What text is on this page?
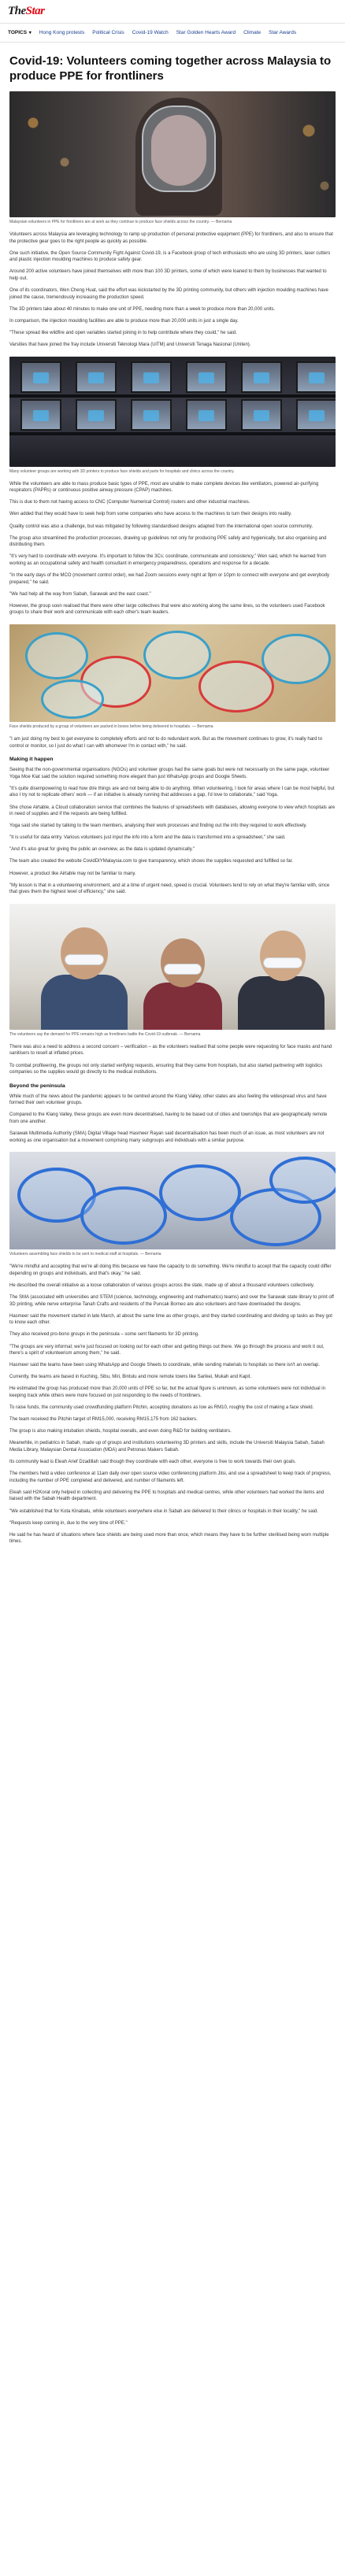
TheStar
TOPICS ▾ Hong Kong protests Political Crisis Covid-19 Watch Star Golden Hearts Award Climate Star Awards
Covid-19: Volunteers coming together across Malaysia to produce PPE for frontliners

Malaysian volunteers in PPE for frontliners are at work as they continue to produce face shields across the country. — Bernama

Volunteers across Malaysia are leveraging technology to ramp up production of personal protective equipment (PPE) for frontliners, and also to ensure that the protective gear goes to the right people as quickly as possible.

One such initiative, the Open Source Community Fight Against Covid-19, is a Facebook group of tech enthusiasts who are using 3D printers, laser cutters and plastic injection moulding machines to produce safety gear.

Around 200 active volunteers have joined themselves with more than 100 3D printers, some of which were loaned to them by businesses that wanted to help out.

One of its coordinators, Wen Cheng Huat, said the effort was kickstarted by the 3D printing community, but others with injection moulding machines have joined the cause, tremendously increasing the production speed.

The 3D printers take about 40 minutes to make one unit of PPE, needing more than a week to produce more than 20,000 units.

In comparison, the injection moulding facilities are able to produce more than 20,000 units in just a single day.

"These spread like wildfire and open variables started joining in to help contribute where they could," he said.

Varsities that have joined the fray include Universiti Teknologi Mara (UiTM) and Universiti Tenaga Nasional (Uniten).

Many volunteer groups are working with 3D printers to produce face shields and parts for hospitals and clinics across the country.

While the volunteers are able to mass produce basic types of PPE, most are unable to make complete devices like ventilators, powered air-purifying respirators (PAPRs) or continuous positive airway pressure (CPAP) machines.

This is due to them not having access to CNC (Computer Numerical Control) routers and other industrial machines.

Wen added that they would have to seek help from some companies who have access to the machines to turn their designs into reality.

Quality control was also a challenge, but was mitigated by following standardised designs adapted from the international open source community.

The group also streamlined the production processes, drawing up guidelines not only for producing PPE safely and hygienically, but also organising and distributing them.

"It's very hard to coordinate with everyone. It's important to follow the 3Cs: coordinate, communicate and consistency," Wen said, which he learned from working as an occupational safety and health consultant in emergency preparedness, operations and response for a decade.

"In the early days of the MCO (movement control order), we had Zoom sessions every night at 9pm or 10pm to connect with everyone and get everybody prepared," he said.

"We had help all the way from Sabah, Sarawak and the east coast."

However, the group soon realised that there were other large collectives that were also working along the same lines, so the volunteers used Facebook groups to share their work and communicate with each other's team leaders.

Face shields produced by a group of volunteers are packed in boxes before being delivered to hospitals. — Bernama

"I am just doing my best to get everyone to completely efforts and not to do redundant work. But as the movement continues to grow, it's really hard to control or monitor, so I just do what I can with whomever I'm in contact with," he said.

Making it happen

Seeing that the non-governmental organisations (NGOs) and volunteer groups had the same goals but were not necessarily on the same page, volunteer Yoga Moe Kiat said the solution required something more elegant than just WhatsApp groups and Google Sheets.

"It's quite disempowering to read how dire things are and not being able to do anything. When volunteering, I look for areas where I can be most helpful, but also I try not to replicate others' work — if an initiative is already running that addresses a gap, I'd love to collaborate," said Yoga.

She chose Airtable, a Cloud collaboration service that combines the features of spreadsheets with databases, allowing everyone to view which hospitals are in need of supplies and if the requests are being fulfilled.

Yoga said she started by talking to the team members, analysing their work processes and finding out the info they required to work effectively.

"It is useful for data entry. Various volunteers just input the info into a form and the data is transformed into a spreadsheet," she said.

"And it's also great for giving the public an overview, as the data is updated dynamically."

The team also created the website CovidDIYMalaysia.com to give transparency, which shows the supplies requested and fulfilled so far.

However, a product like Airtable may not be familiar to many.

"My lesson is that in a volunteering environment, and at a time of urgent need, speed is crucial. Volunteers tend to rely on what they're familiar with, since that gives them the highest level of efficiency," she said.

The volunteers say the demand for PPE remains high as frontliners battle the Covid-19 outbreak. — Bernama

There was also a need to address a second concern – verification – as the volunteers realised that some people were requesting for face masks and hand sanitisers to resell at inflated prices.

To combat profiteering, the groups not only started verifying requests, ensuring that they came from hospitals, but also started partnering with logistics companies so the supplies would go directly to the medical institutions.

Beyond the peninsula

While much of the news about the pandemic appears to be centred around the Klang Valley, other states are also feeling the widespread virus and have formed their own volunteer groups.

Compared to the Klang Valley, these groups are even more decentralised, having to be based out of cities and townships that are geographically remote from one another.

Sarawak Multimedia Authority (SMA) Digital Village head Hasmeer Rayan said decentralisation has been much of an issue, as most volunteers are not working as one organisation but a movement comprising many subgroups and individuals with a similar purpose.

Volunteers assembling face shields to be sent to medical staff at hospitals. — Bernama

"We're mindful and accepting that we're all doing this because we have the capacity to do something. We're mindful to accept that the capacity could differ depending on groups and individuals, and that's okay," he said.

He described the overall initiative as a loose collaboration of various groups across the state, made up of about a thousand volunteers collectively.

The SMA (associated with universities and STEM (science, technology, engineering and mathematics) teams) and over the Sarawak state library to print off 3D printing, while nerve enterprise Tanah Crafts and residents of the Puncak Borneo are also volunteers and have downloaded the designs.

Hasmeer said the movement started in late March, at about the same time as other groups, and they started coordinating and dividing up tasks as they got to know each other.

They also received pro-bono groups in the peninsula – some sent filaments for 3D printing.

"The groups are very informal; we're just focused on looking out for each other and getting things out there. We go through the process and work it out, there's a spirit of volunteerism among them," he said.

Hasmeer said the teams have been using WhatsApp and Google Sheets to coordinate, while sending materials to hospitals so there isn't an overlap.

Currently, the teams are based in Kuching, Sibu, Miri, Bintulu and more remote towns like Sarikei, Mukah and Kapit.

He estimated the group has produced more than 20,000 units of PPE so far, but the actual figure is unknown, as some volunteers were not individual in keeping track while others were more focused on just responding to the needs of frontliners.

To raise funds, the community used crowdfunding platform Pitchin, accepting donations as low as RM10, roughly the cost of making a face shield.

The team received the Pitchin target of RM15,000, receiving RM15,175 from 162 backers.

The group is also making intubation shields, hospital overalls, and even doing R&D for building ventilators.

Meanwhile, in pediatrics in Sabah, made up of groups and institutions volunteering 3D printers and skills, include the Universiti Malaysia Sabah, Sabah Media Library, Malaysian Dental Association (MDA) and Petronas Makers Sabah.

Its community lead is Eleah Arief Dzadillah said though they coordinate with each other, everyone is free to work towards their own goals.

The members held a video conference at 11am daily over open source video conferencing platform Jitsi, and use a spreadsheet to keep track of progress, including the number of PPE completed and delivered, and number of filaments left.

Eleah said H2Korat only helped in collecting and delivering the PPE to hospitals and medical centres, while other volunteers had worked the items and liaised with the Sabah Health department.

"We established that for Kota Kinabalu, while volunteers everywhere else in Sabah are delivered to their clinics or hospitals in their locality," he said.

"Requests keep coming in, due to the very time of PPE."

He said he has heard of situations where face shields are being used more than once, which means they have to be further sterilised being worn multiple times.
